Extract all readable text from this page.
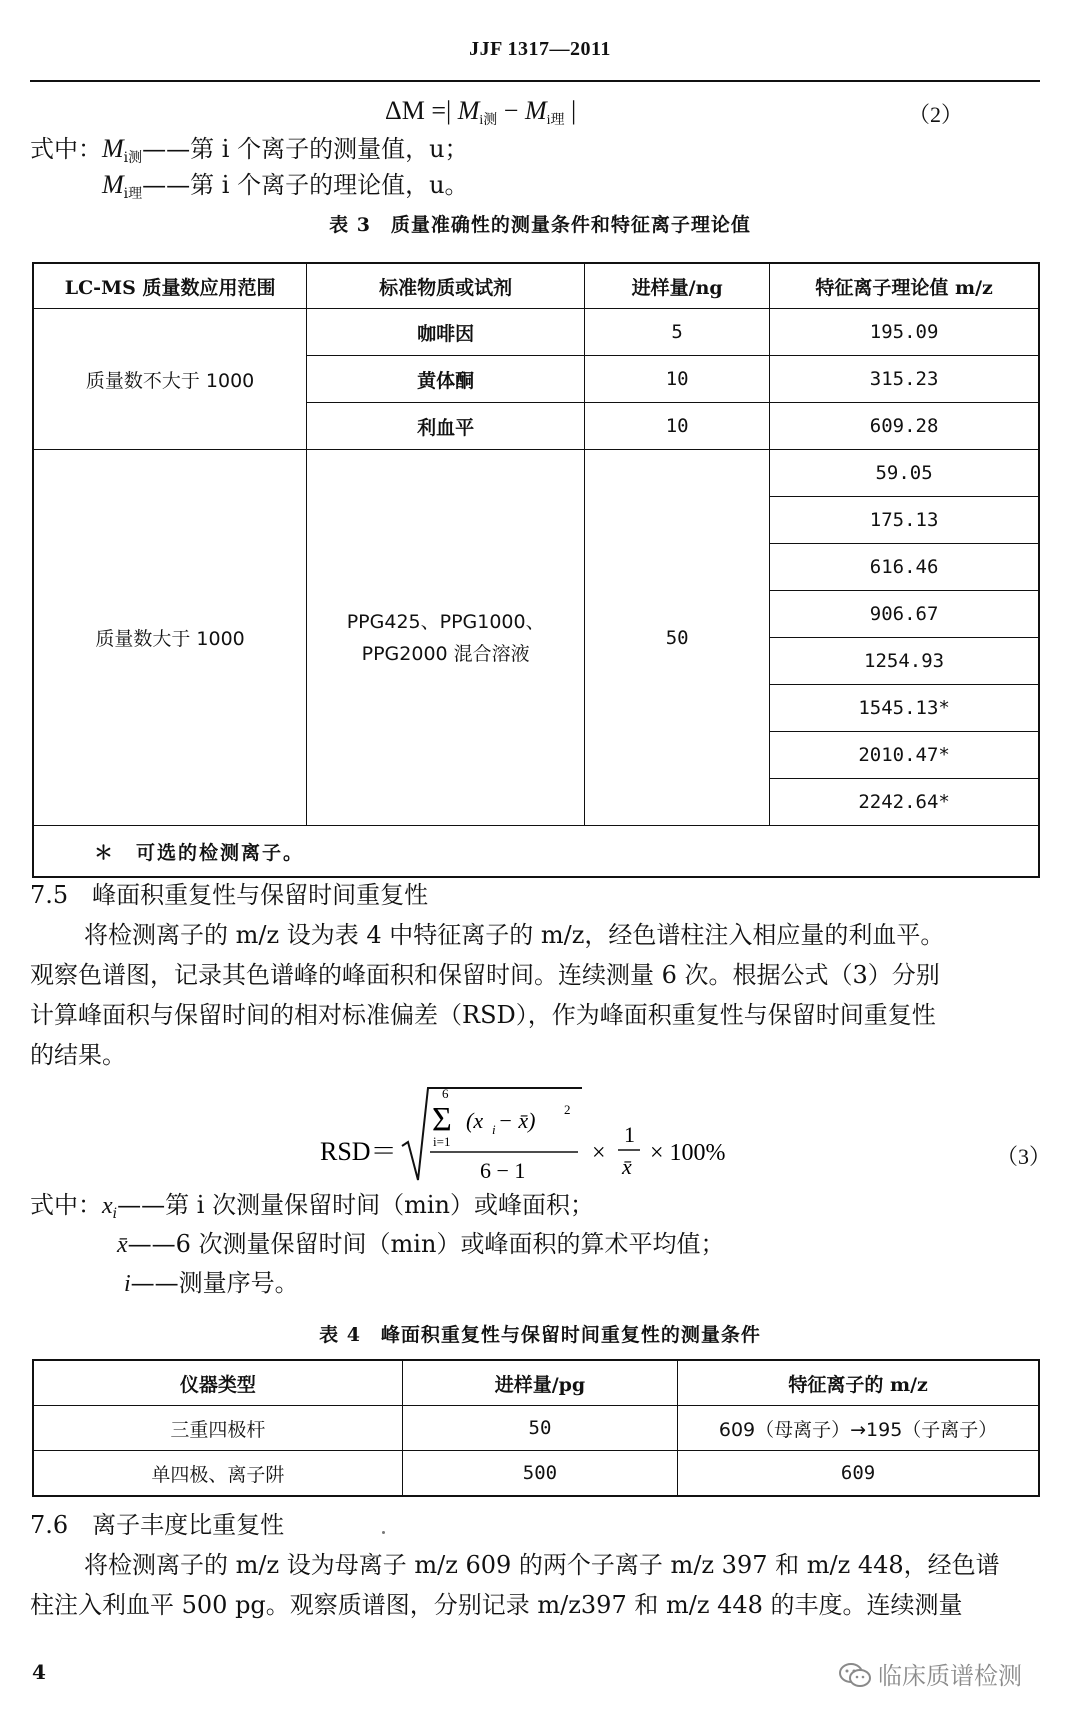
JJF 1317—2011
ΔM =| $M_{i测} - M_{i理}$ |	（2）
式中：$M_{i测}——$第 i 个离子的测量值，u；
$M_{i理}——$第 i 个离子的理论值，u。
表 3　质量准确性的测量条件和特征离子理论值
LC-MS 质量数应用范围	标准物质或试剂	进样量/ng	特征离子理论值 m/z
质量数不大于 1000	咖啡因	5	195.09
	黄体酮	10	315.23
	利血平	10	609.28
质量数大于 1000	PPG425、PPG1000、
PPG2000 混合溶液	50	59.05
			175.13
			616.46
			906.67
			1254.93
			1545.13*
			2010.47*
			2242.64*
＊　可选的检测离子。			
7.5　峰面积重复性与保留时间重复性
将检测离子的 m/z 设为表 4 中特征离子的 m/z，经色谱柱注入相应量的利血平。
观察色谱图，记录其色谱峰的峰面积和保留时间。连续测量 6 次。根据公式（3）分别
计算峰面积与保留时间的相对标准偏差（RSD），作为峰面积重复性与保留时间重复性
的结果。
RSD＝
6
Σ
i=1
(x i − x̄) 2
6 − 1
×
1
x̄
× 100%	（3）
式中：$x_i——$第 i 次测量保留时间（min）或峰面积；
x̄——6 次测量保留时间（min）或峰面积的算术平均值；
i——测量序号。
表 4　峰面积重复性与保留时间重复性的测量条件
仪器类型	进样量/pg	特征离子的 m/z
三重四极杆	50	609（母离子）→195（子离子）
单四极、离子阱	500	609
7.6　离子丰度比重复性
将检测离子的 m/z 设为母离子 m/z 609 的两个子离子 m/z 397 和 m/z 448，经色谱
柱注入利血平 500 pg。观察质谱图，分别记录 m/z397 和 m/z 448 的丰度。连续测量
4	临床质谱检测
